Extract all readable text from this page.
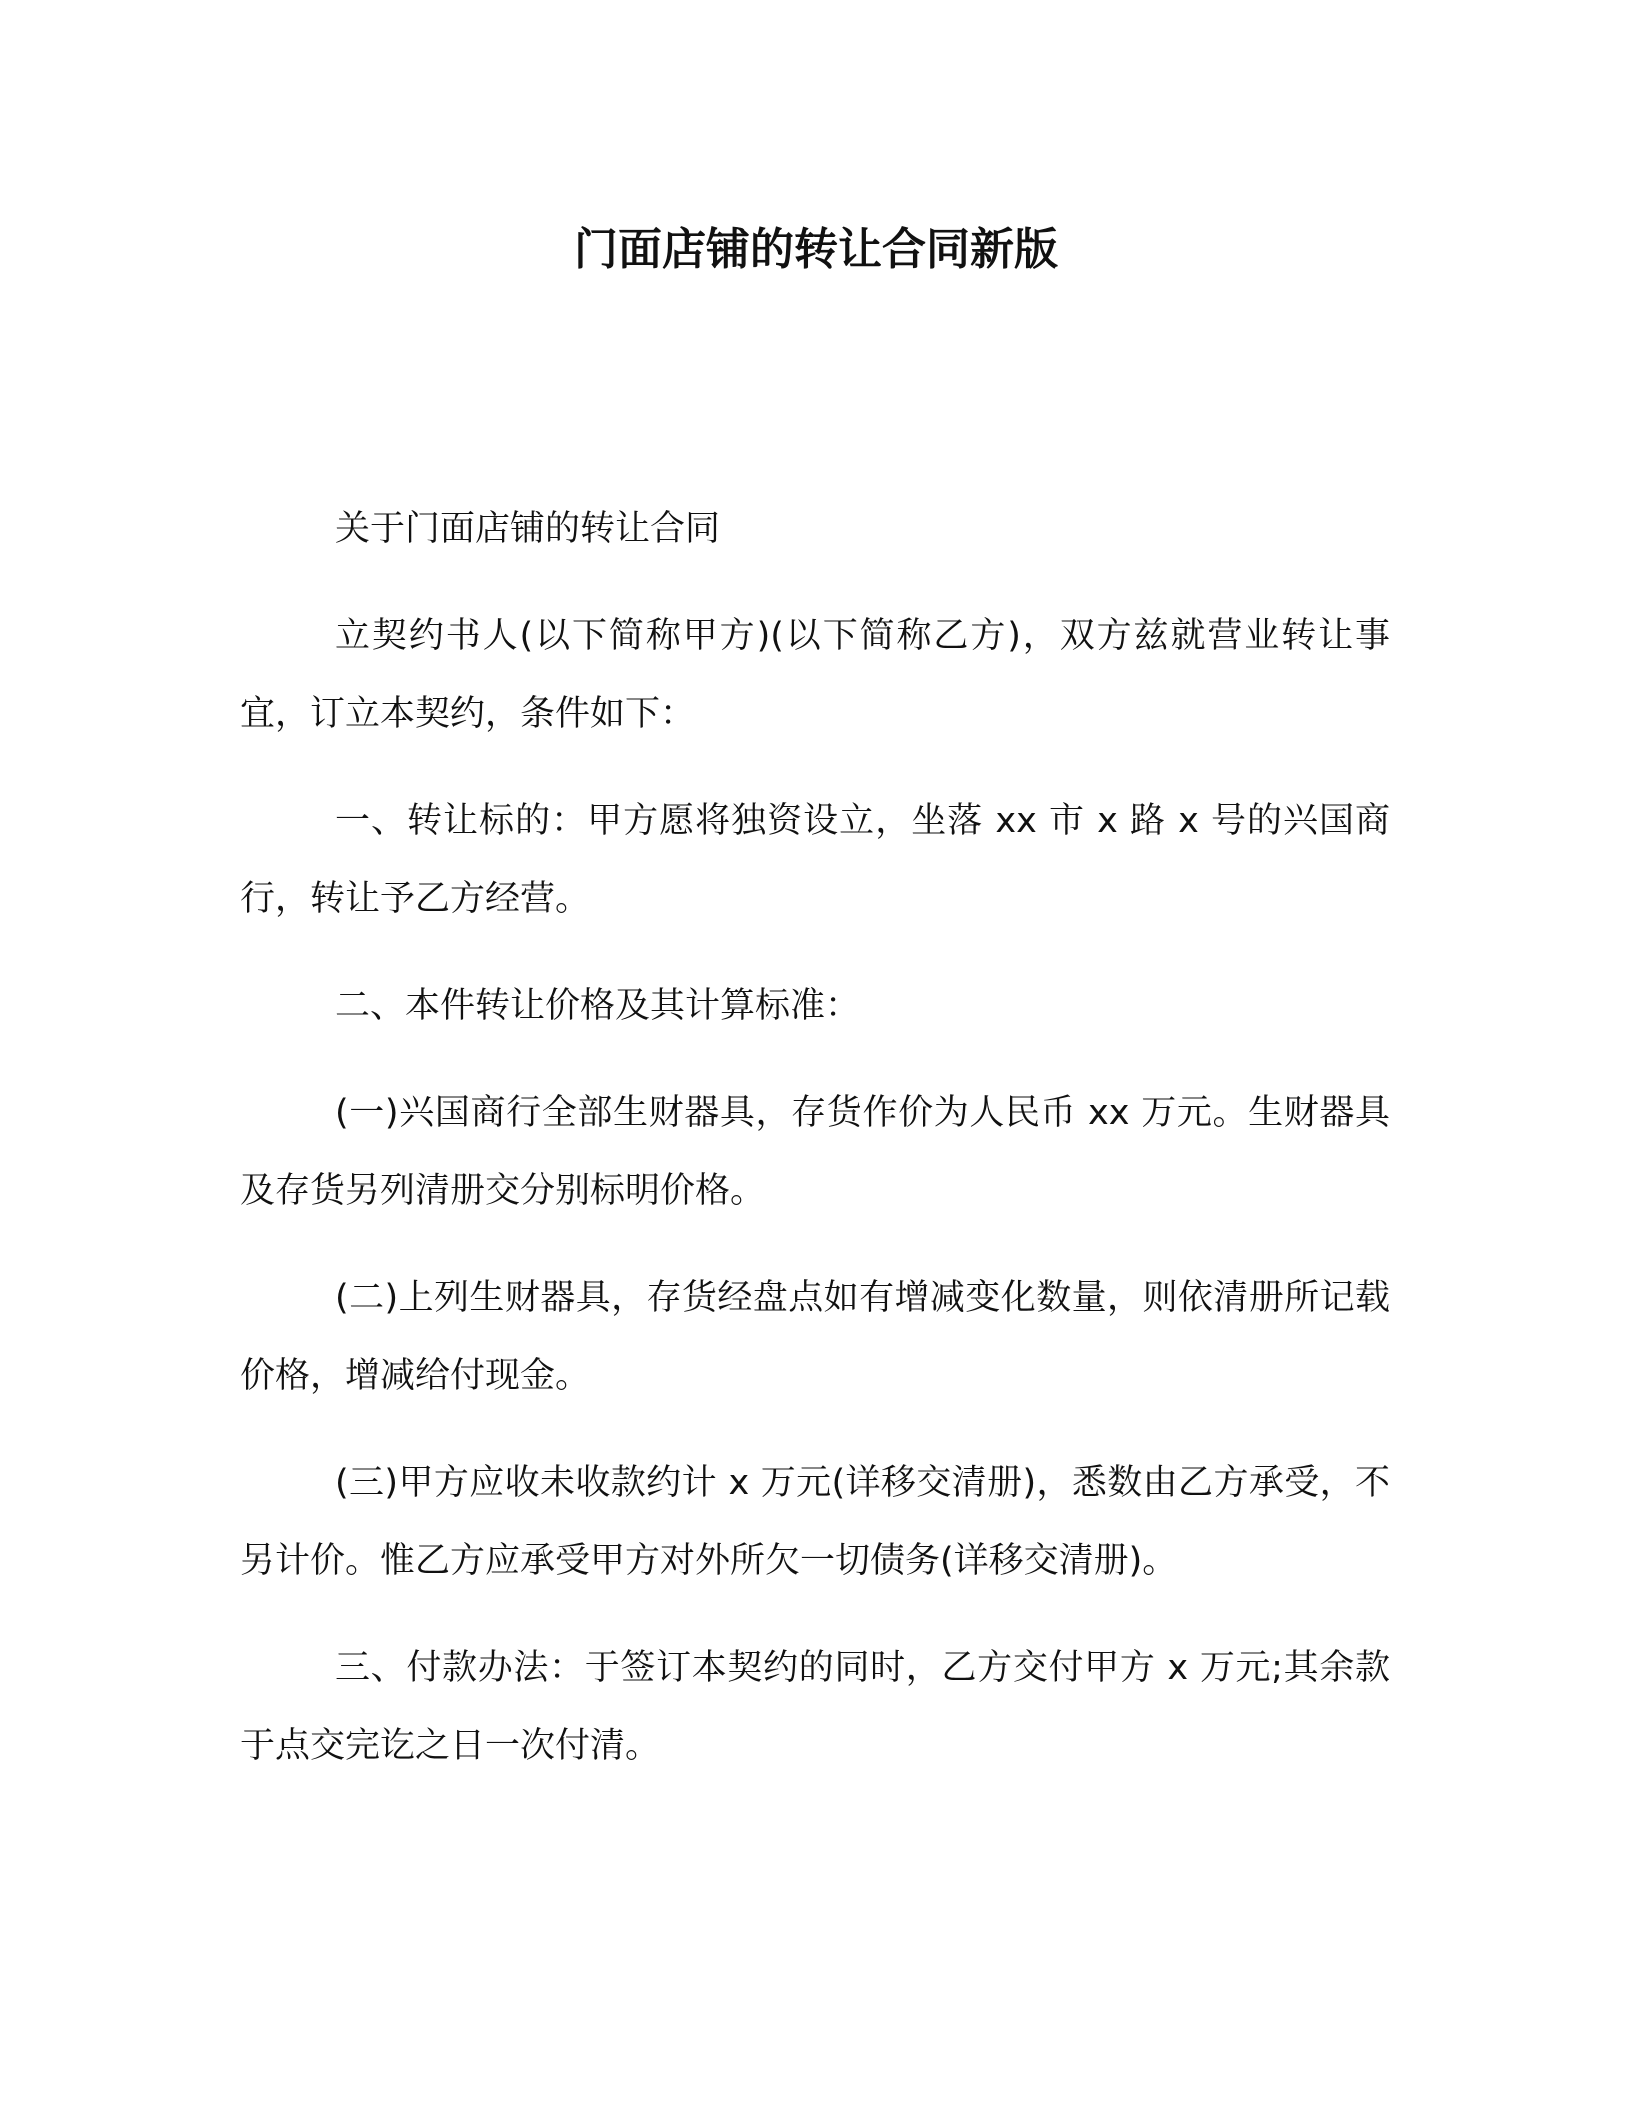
门面店铺的转让合同新版

关于门面店铺的转让合同

立契约书人(以下简称甲方)(以下简称乙方)，双方兹就营业转让事宜，订立本契约，条件如下：

一、转让标的：甲方愿将独资设立，坐落 xx 市 x 路 x 号的兴国商行，转让予乙方经营。

二、本件转让价格及其计算标准：

(一)兴国商行全部生财器具，存货作价为人民币 xx 万元。生财器具及存货另列清册交分别标明价格。

(二)上列生财器具，存货经盘点如有增减变化数量，则依清册所记载价格，增减给付现金。

(三)甲方应收未收款约计 x 万元(详移交清册)，悉数由乙方承受，不另计价。惟乙方应承受甲方对外所欠一切债务(详移交清册)。

三、付款办法：于签订本契约的同时，乙方交付甲方 x 万元;其余款于点交完讫之日一次付清。
